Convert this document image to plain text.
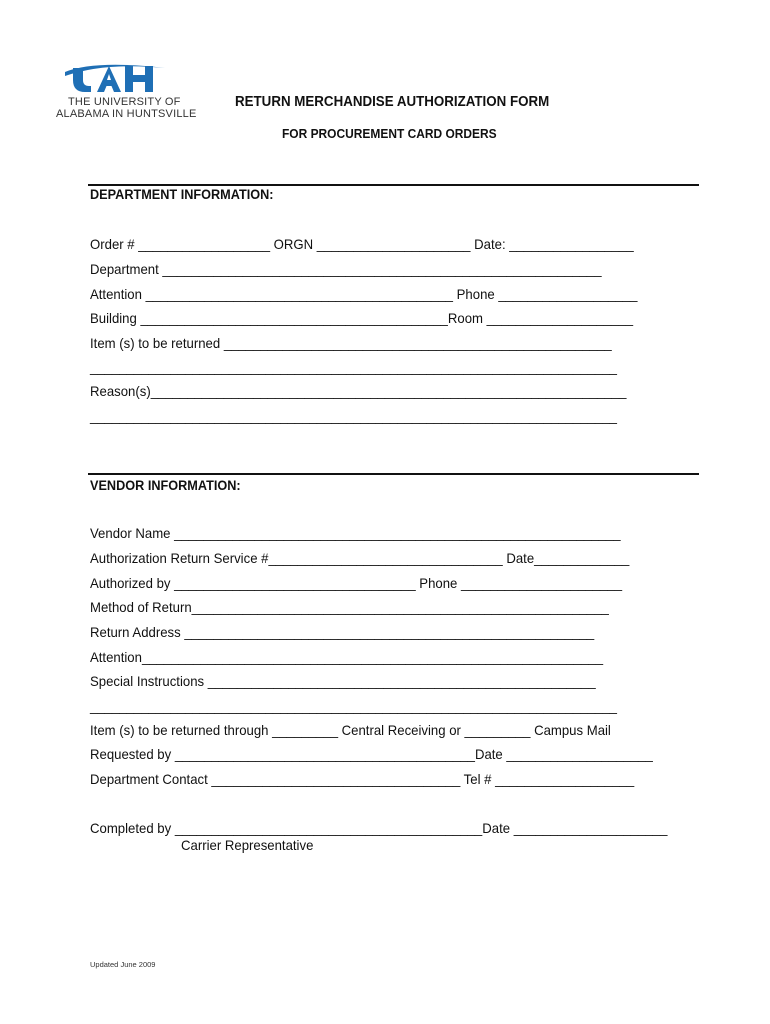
THE UNIVERSITY OF
ALABAMA IN HUNTSVILLE
RETURN MERCHANDISE AUTHORIZATION FORM
FOR PROCUREMENT CARD ORDERS
DEPARTMENT INFORMATION:
Order # __________________ ORGN _____________________ Date: _________________
Department ____________________________________________________________
Attention __________________________________________ Phone ___________________
Building __________________________________________Room ____________________
Item (s) to be returned _____________________________________________________
________________________________________________________________________
Reason(s)_________________________________________________________________
________________________________________________________________________
VENDOR INFORMATION:
Vendor Name _____________________________________________________________
Authorization Return Service #________________________________ Date_____________
Authorized by _________________________________ Phone ______________________
Method of Return_________________________________________________________
Return Address ________________________________________________________
Attention_______________________________________________________________
Special Instructions _____________________________________________________
________________________________________________________________________
Item (s) to be returned through _________ Central Receiving or _________ Campus Mail
Requested by _________________________________________Date ____________________
Department Contact __________________________________ Tel # ___________________
Completed by __________________________________________Date _____________________
Carrier Representative
Updated June 2009
